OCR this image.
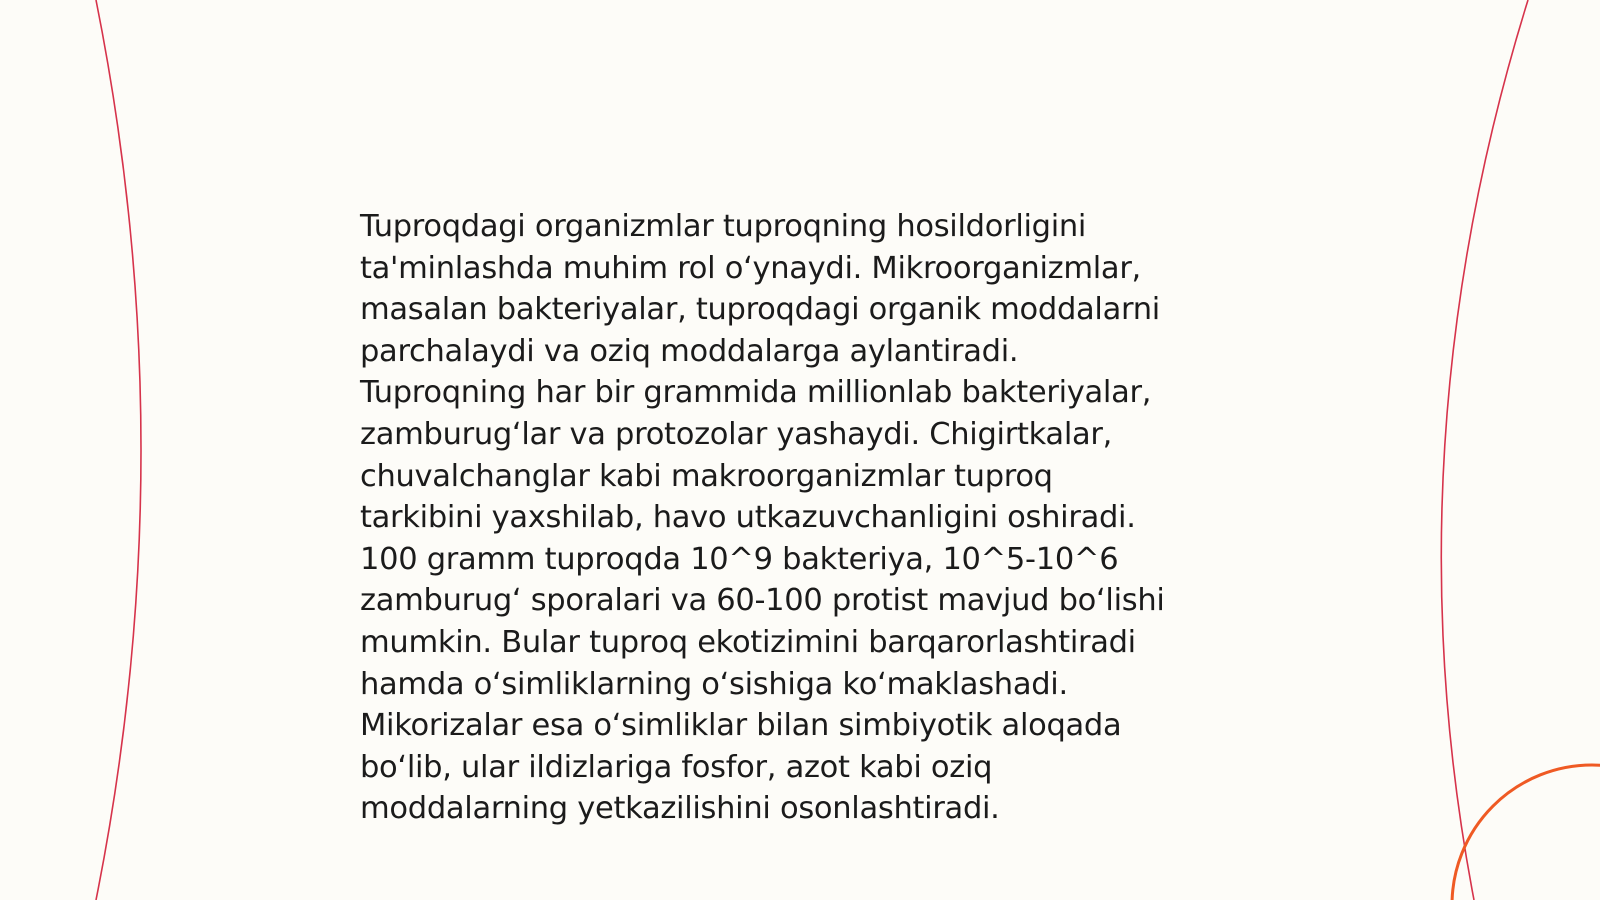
Tuproqdagi organizmlar tuproqning hosildorligini
ta'minlashda muhim rol o‘ynaydi. Mikroorganizmlar,
masalan bakteriyalar, tuproqdagi organik moddalarni
parchalaydi va oziq moddalarga aylantiradi.
Tuproqning har bir grammida millionlab bakteriyalar,
zamburug‘lar va protozolar yashaydi. Chigirtkalar,
chuvalchanglar kabi makroorganizmlar tuproq
tarkibini yaxshilab, havo utkazuvchanligini oshiradi.
100 gramm tuproqda 10^9 bakteriya, 10^5-10^6
zamburug‘ sporalari va 60-100 protist mavjud bo‘lishi
mumkin. Bular tuproq ekotizimini barqarorlashtiradi
hamda o‘simliklarning o‘sishiga ko‘maklashadi.
Mikorizalar esa o‘simliklar bilan simbiyotik aloqada
bo‘lib, ular ildizlariga fosfor, azot kabi oziq
moddalarning yetkazilishini osonlashtiradi.
